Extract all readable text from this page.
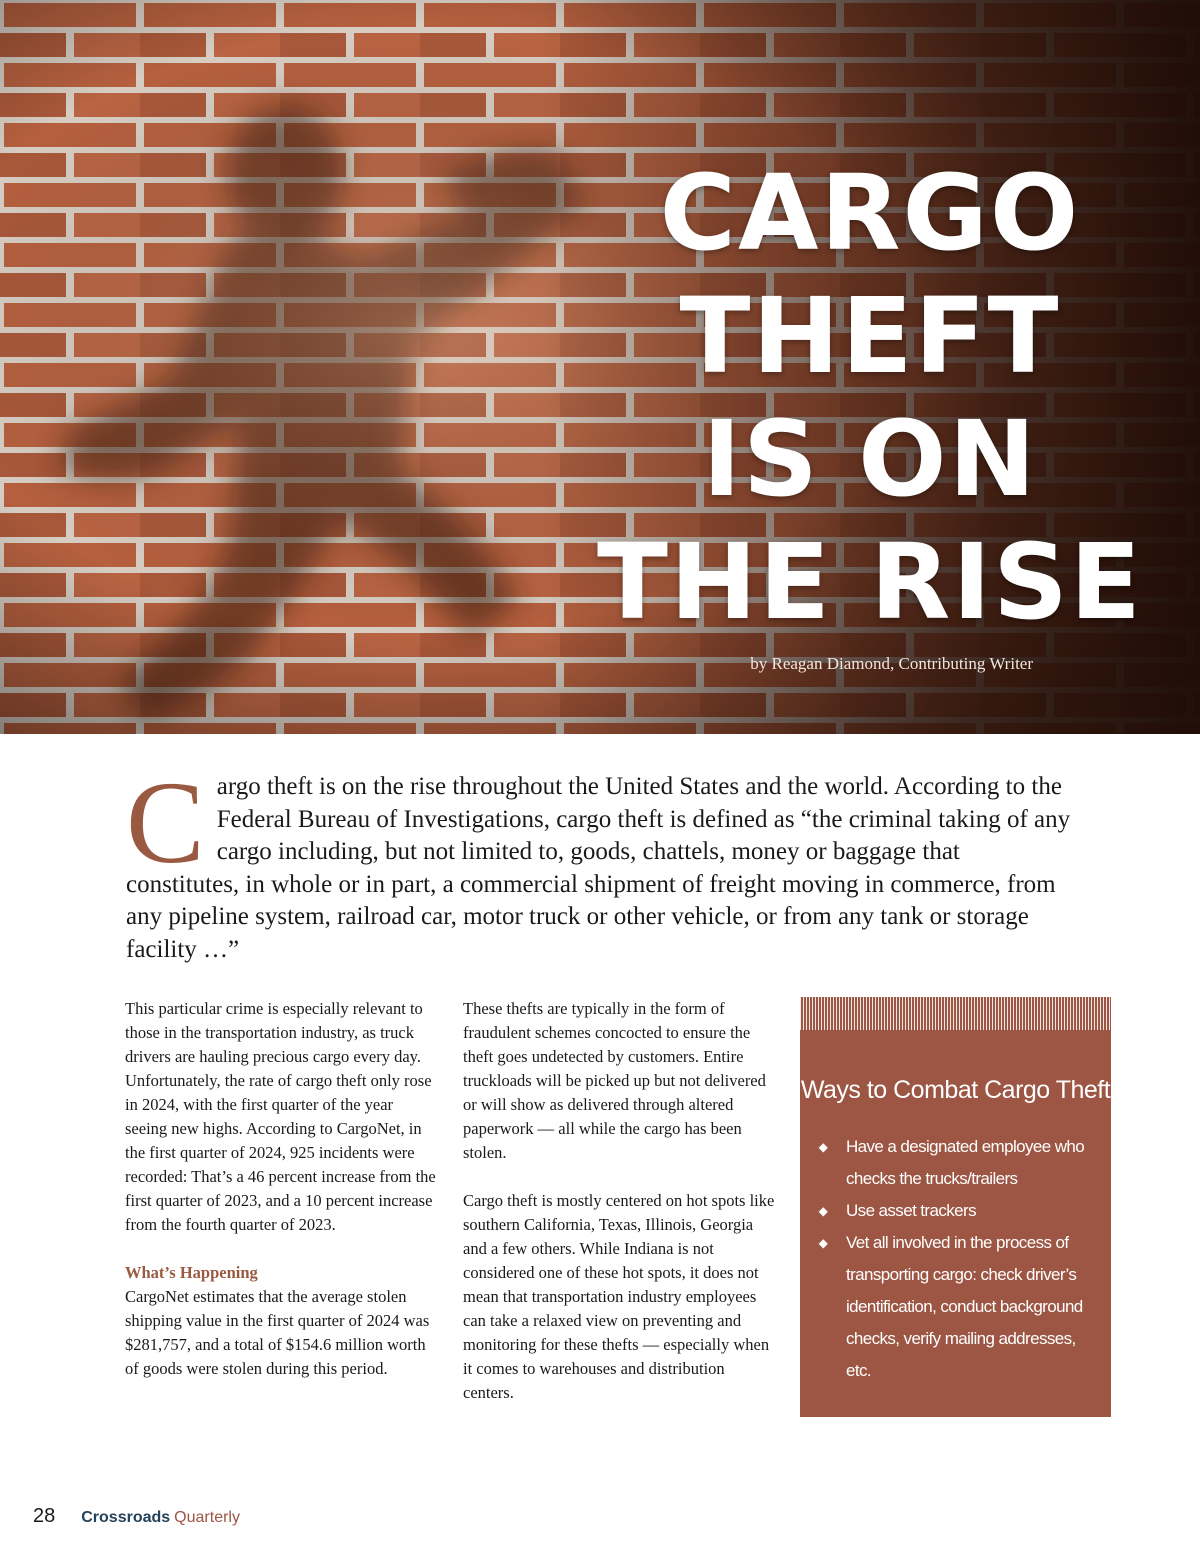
CARGO
THEFT
IS ON
THE RISE
by Reagan Diamond, Contributing Writer
C argo theft is on the rise throughout the United States and the world. According to the Federal Bureau of Investigations, cargo theft is defined as “the criminal taking of any cargo including, but not limited to, goods, chattels, money or baggage that constitutes, in whole or in part, a commercial shipment of freight moving in commerce, from any pipeline system, railroad car, motor truck or other vehicle, or from any tank or storage facility …”

This particular crime is especially relevant to those in the transportation industry, as truck drivers are hauling precious cargo every day. Unfortunately, the rate of cargo theft only rose in 2024, with the first quarter of the year seeing new highs. According to CargoNet, in the first quarter of 2024, 925 incidents were recorded: That’s a 46 percent increase from the first quarter of 2023, and a 10 percent increase from the fourth quarter of 2023.

What’s Happening

CargoNet estimates that the average stolen shipping value in the first quarter of 2024 was $281,757, and a total of $154.6 million worth of goods were stolen during this period.

These thefts are typically in the form of fraudulent schemes concocted to ensure the theft goes undetected by customers. Entire truckloads will be picked up but not delivered or will show as delivered through altered paperwork — all while the cargo has been stolen.

Cargo theft is mostly centered on hot spots like southern California, Texas, Illinois, Georgia and a few others. While Indiana is not considered one of these hot spots, it does not mean that transportation industry employees can take a relaxed view on preventing and monitoring for these thefts — especially when it comes to warehouses and distribution centers.

Ways to Combat Cargo Theft
◆ Have a designated employee who checks the trucks/trailers
◆ Use asset trackers
◆ Vet all involved in the process of transporting cargo: check driver’s identification, conduct background checks, verify mailing addresses, etc.
28 Crossroads Quarterly
